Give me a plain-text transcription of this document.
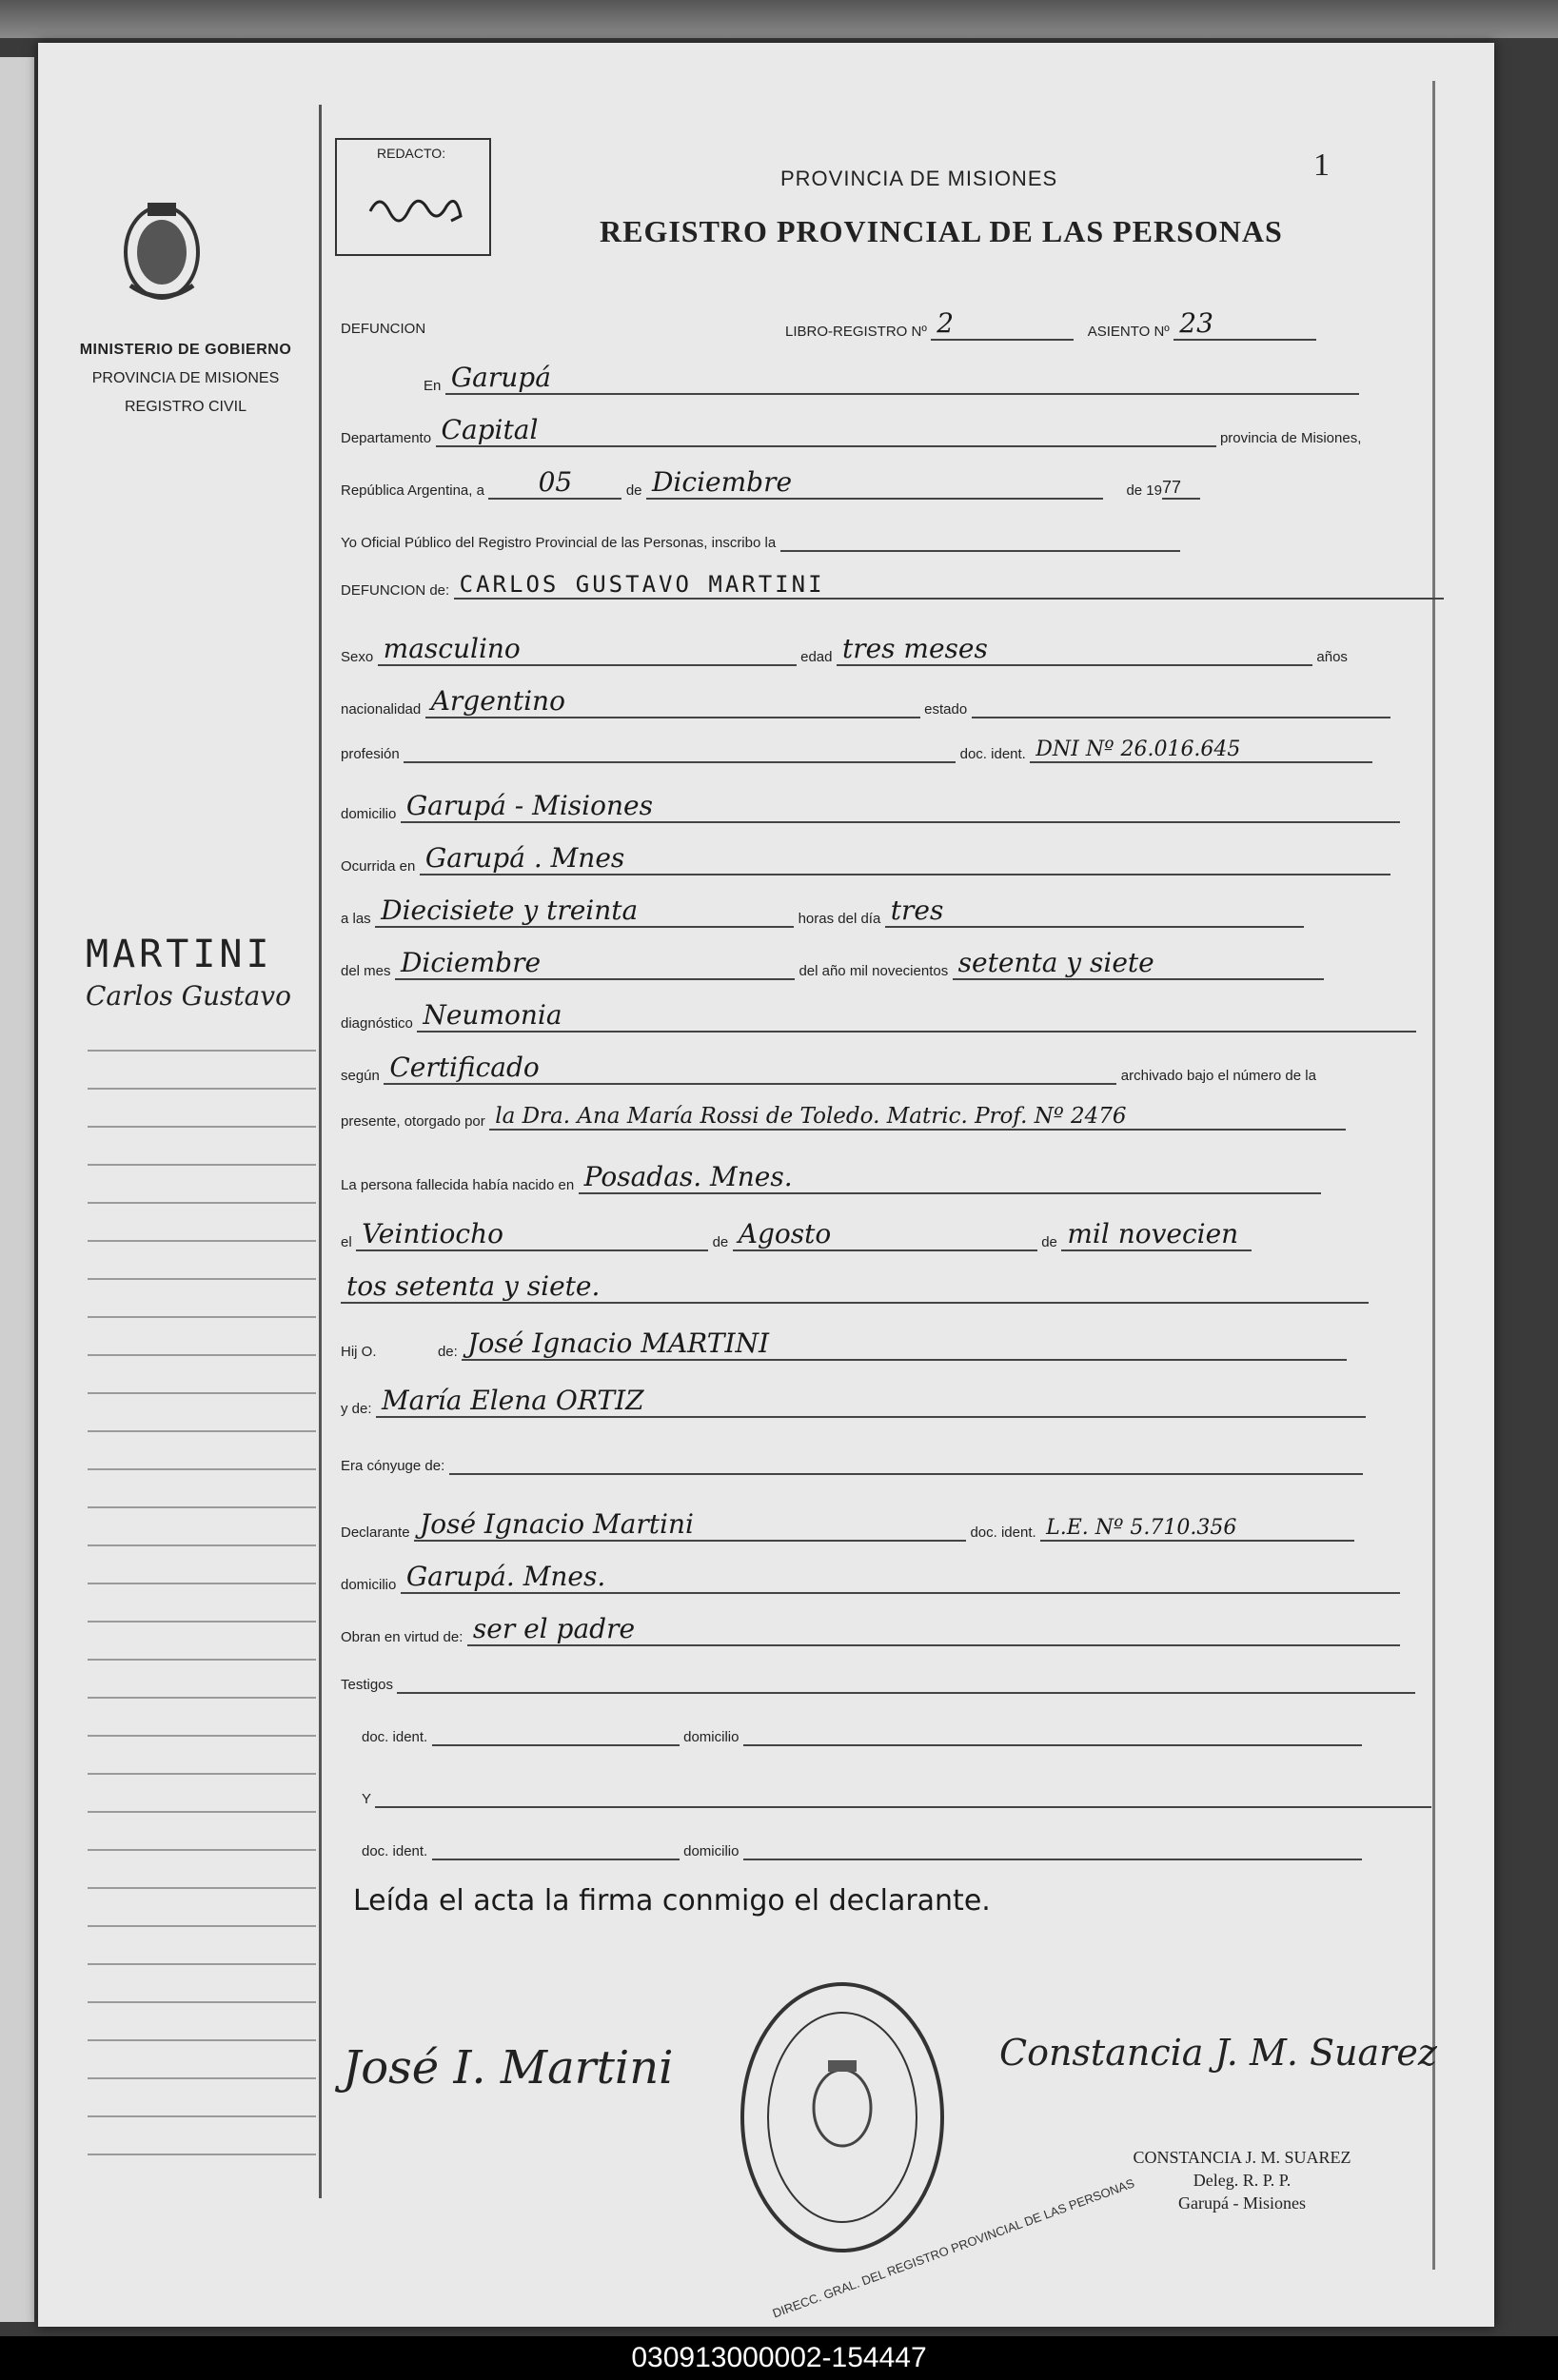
MINISTERIO DE GOBIERNO
PROVINCIA DE MISIONES
REGISTRO CIVIL
MARTINI
Carlos Gustavo
REDACTO:
PROVINCIA DE MISIONES
REGISTRO PROVINCIAL DE LAS PERSONAS
1
DEFUNCION	LIBRO-REGISTRO Nº 2	ASIENTO Nº 23
En Garupá
Departamento Capital	provincia de Misiones,
República Argentina, a 05	de Diciembre	de 1977
Yo Oficial Público del Registro Provincial de las Personas, inscribo la
DEFUNCION de: CARLOS GUSTAVO MARTINI
Sexo masculino	edad tres meses	años
nacionalidad Argentino	estado
profesión	doc. ident. DNI Nº 26.016.645
domicilio Garupá - Misiones
Ocurrida en Garupá . Mnes
a las Diecisiete y treinta	horas del día tres
del mes Diciembre	del año mil novecientos setenta y siete
diagnóstico Neumonia
según Certificado	archivado bajo el número de la
presente, otorgado por la Dra. Ana María Rossi de Toledo. Matric. Prof. Nº 2476
La persona fallecida había nacido en Posadas. Mnes.
el Veintiocho	de Agosto	de mil novecien
tos setenta y siete.
Hij O.	de: José Ignacio MARTINI
y de: María Elena ORTIZ
Era cónyuge de:
Declarante José Ignacio Martini	doc. ident. L.E. Nº 5.710.356
domicilio Garupá. Mnes.
Obran en virtud de: ser el padre
Testigos
doc. ident.	domicilio
Y
doc. ident.	domicilio
Leída el acta la firma conmigo el declarante.
José I. Martini	Constancia J. M. Suarez
CONSTANCIA J. M. SUAREZ
Deleg. R. P. P.
Garupá - Misiones
DIRECC. GRAL. DEL REGISTRO PROVINCIAL DE LAS PERSONAS
030913000002-154447
